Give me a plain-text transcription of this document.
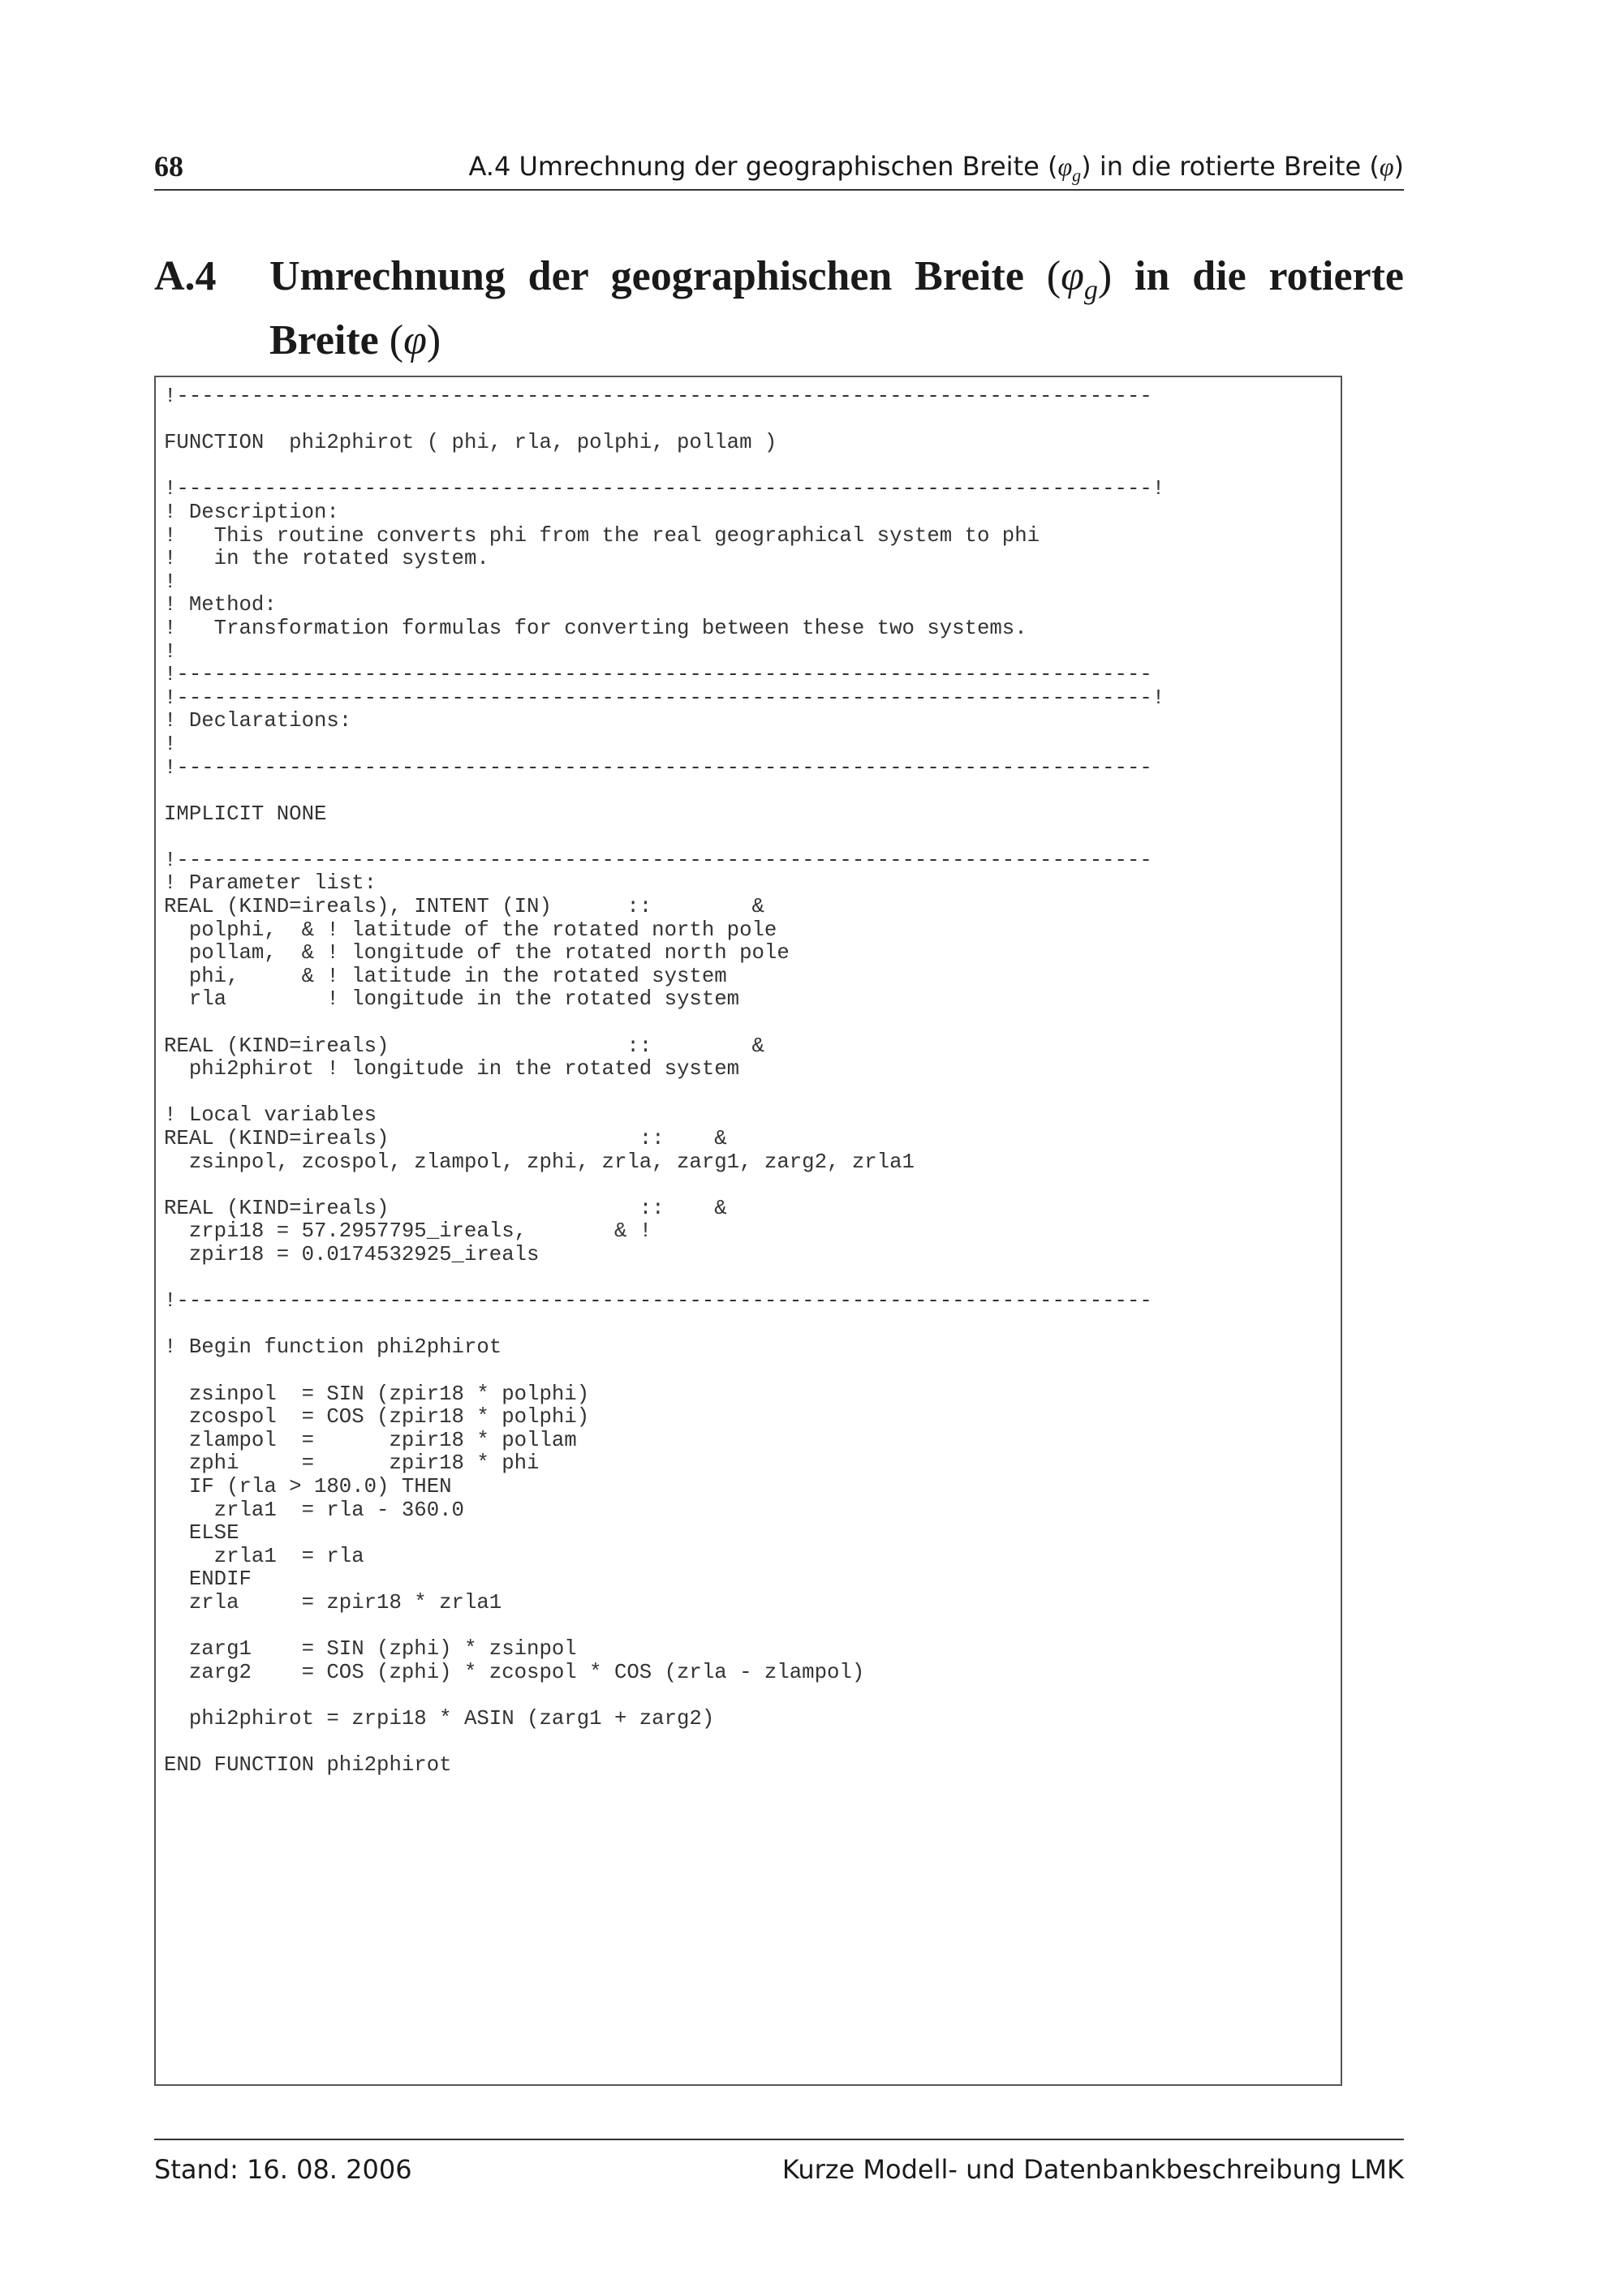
68	A.4 Umrechnung der geographischen Breite $(\varphi_g)$ in die rotierte Breite (φ)
A.4 Umrechnung der geographischen Breite $(\varphi_g)$ in die rotierte Breite (φ)
!------------------------------------------------------------------------------

FUNCTION  phi2phirot ( phi, rla, polphi, pollam )

!------------------------------------------------------------------------------!
! Description:
!   This routine converts phi from the real geographical system to phi
!   in the rotated system.
!
! Method:
!   Transformation formulas for converting between these two systems.
!
!------------------------------------------------------------------------------
!------------------------------------------------------------------------------!
! Declarations:
!
!------------------------------------------------------------------------------

IMPLICIT NONE

!------------------------------------------------------------------------------
! Parameter list:
REAL (KIND=ireals), INTENT (IN)      ::        &
polphi,  & ! latitude of the rotated north pole
pollam,  & ! longitude of the rotated north pole
phi,     & ! latitude in the rotated system
rla        ! longitude in the rotated system

REAL (KIND=ireals)                   ::        &
phi2phirot ! longitude in the rotated system

! Local variables
REAL (KIND=ireals)                    ::    &
zsinpol, zcospol, zlampol, zphi, zrla, zarg1, zarg2, zrla1

REAL (KIND=ireals)                    ::    &
zrpi18 = 57.2957795_ireals,       & !
zpir18 = 0.0174532925_ireals

!------------------------------------------------------------------------------

! Begin function phi2phirot

zsinpol  = SIN (zpir18 * polphi)
zcospol  = COS (zpir18 * polphi)
zlampol  =      zpir18 * pollam
zphi     =      zpir18 * phi
IF (rla > 180.0) THEN
zrla1  = rla - 360.0
ELSE
zrla1  = rla
ENDIF
zrla     = zpir18 * zrla1

zarg1    = SIN (zphi) * zsinpol
zarg2    = COS (zphi) * zcospol * COS (zrla - zlampol)

phi2phirot = zrpi18 * ASIN (zarg1 + zarg2)

END FUNCTION phi2phirot
Stand: 16. 08. 2006	Kurze Modell- und Datenbankbeschreibung LMK
